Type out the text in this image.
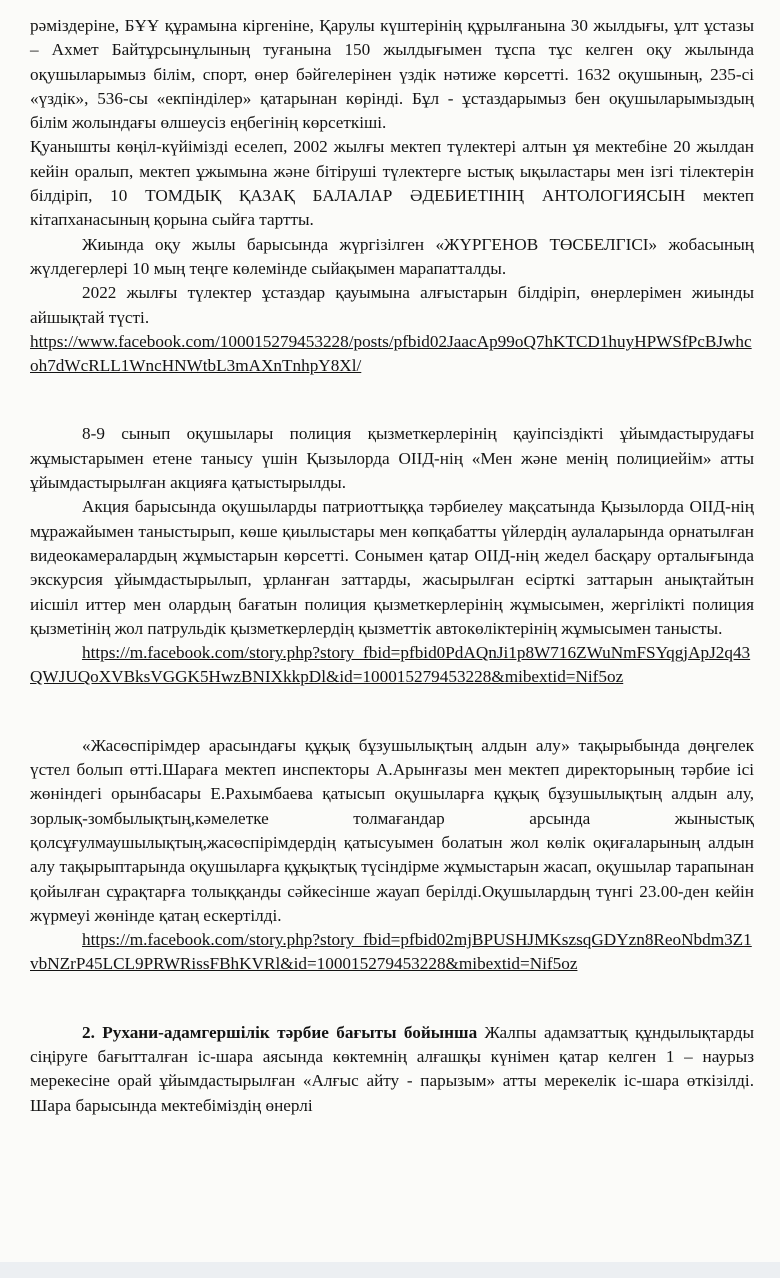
рәміздеріне, БҰҰ құрамына кіргеніне, Қарулы күштерінің құрылғанына 30 жылдығы, ұлт ұстазы – Ахмет Байтұрсынұлының туғанына 150 жылдығымен тұспа тұс келген оқу жылында оқушыларымыз білім, спорт, өнер бәйгелерінен үздік нәтиже көрсетті. 1632 оқушының, 235-сі «үздік», 536-сы «екпінділер» қатарынан көрінді. Бұл - ұстаздарымыз бен оқушыларымыздың білім жолындағы өлшеусіз еңбегінің көрсеткіші.

Қуанышты көңіл-күйімізді еселеп, 2002 жылғы мектеп түлектері алтын ұя мектебіне 20 жылдан кейін оралып, мектеп ұжымына және бітіруші түлектерге ыстық ықыластары мен ізгі тілектерін білдіріп, 10 ТОМДЫҚ ҚАЗАҚ БАЛАЛАР ӘДЕБИЕТІНІҢ АНТОЛОГИЯСЫН мектеп кітапханасының қорына сыйға тартты.

Жиында оқу жылы барысында жүргізілген «ЖҮРГЕНОВ ТӨСБЕЛГІСІ» жобасының жүлдегерлері 10 мың теңге көлемінде сыйақымен марапатталды.

2022 жылғы түлектер ұстаздар қауымына алғыстарын білдіріп, өнерлерімен жиынды айшықтай түсті.

https://www.facebook.com/100015279453228/posts/pfbid02JaacAp99oQ7hKTCD1huyHPWSfPcBJwhcoh7dWcRLL1WncHNWtbL3mAXnTnhpY8Xl/

8-9 сынып оқушылары полиция қызметкерлерінің қауіпсіздікті ұйымдастырудағы жұмыстарымен етене танысу үшін Қызылорда ОІІД-нің «Мен және менің полициейім» атты ұйымдастырылған акцияға қатыстырылды.

Акция барысында оқушыларды патриоттыққа тәрбиелеу мақсатында Қызылорда ОІІД-нің мұражайымен таныстырып, көше қиылыстары мен көпқабатты үйлердің аулаларында орнатылған видеокамералардың жұмыстарын көрсетті. Сонымен қатар ОІІД-нің жедел басқару орталығында экскурсия ұйымдастырылып, ұрланған заттарды, жасырылған есірткі заттарын анықтайтын иісшіл иттер мен олардың бағатын полиция қызметкерлерінің жұмысымен, жергілікті полиция қызметінің жол патрульдік қызметкерлердің қызметтік автокөліктерінің жұмысымен танысты.

https://m.facebook.com/story.php?story_fbid=pfbid0PdAQnJi1p8W716ZWuNmFSYqgjApJ2q43QWJUQoXVBksVGGK5HwzBNIXkkpDl&id=100015279453228&mibextid=Nif5oz

«Жасөспірімдер арасындағы құқық бұзушылықтың алдын алу» тақырыбында дөңгелек үстел болып өтті.Шараға мектеп инспекторы А.Арынғазы мен мектеп директорының тәрбие ісі жөніндегі орынбасары Е.Рахымбаева қатысып оқушыларға құқық бұзушылықтың алдын алу, зорлық-зомбылықтың,кәмелетке толмағандар арсында жыныстық қолсұғулмаушылықтың,жасөспірімдердің қатысуымен болатын жол көлік оқиғаларының алдын алу тақырыптарында оқушыларға құқықтық түсіндірме жұмыстарын жасап, оқушылар тарапынан қойылған сұрақтарға толыққанды сәйкесінше жауап берілді.Оқушылардың түнгі 23.00-ден кейін жүрмеуі жөнінде қатаң ескертілді.

https://m.facebook.com/story.php?story_fbid=pfbid02mjBPUSHJMKszsqGDYzn8ReoNbdm3Z1vbNZrP45LCL9PRWRissFBhKVRl&id=100015279453228&mibextid=Nif5oz

2. Рухани-адамгершілік тәрбие бағыты бойынша Жалпы адамзаттық құндылықтарды сіңіруге бағытталған іс-шара аясында көктемнің алғашқы күнімен қатар келген 1 – наурыз мерекесіне орай ұйымдастырылған «Алғыс айту - парызым» атты мерекелік іс-шара өткізілді. Шара барысында мектебіміздің өнерлі
